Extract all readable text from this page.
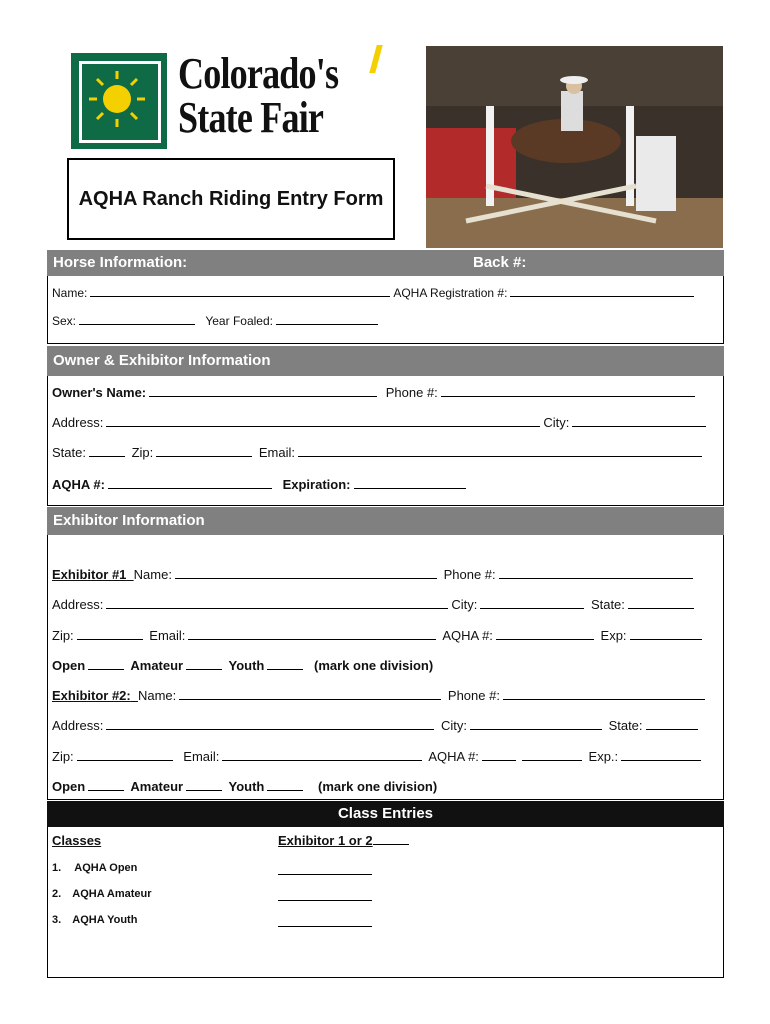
Colorado's
State Fair
AQHA Ranch Riding Entry Form
Horse Information:	Back #:
Name:	AQHA Registration #:
Sex:	Year Foaled:
Owner & Exhibitor Information
Owner's Name:	Phone #:
Address:	City:
State:	Zip:	Email:
AQHA #:	Expiration:
Exhibitor Information
Exhibitor #1 Name:	Phone #:
Address:	City:	State:
Zip:	Email:	AQHA #:	Exp:
Open	Amateur	Youth	(mark one division)
Exhibitor #2: Name:	Phone #:
Address:	City:	State:
Zip:	Email:	AQHA #:	Exp.:
Open	Amateur	Youth	(mark one division)
Class Entries
Classes	Exhibitor 1 or 2
1. AQHA Open
2. AQHA Amateur
3. AQHA Youth
